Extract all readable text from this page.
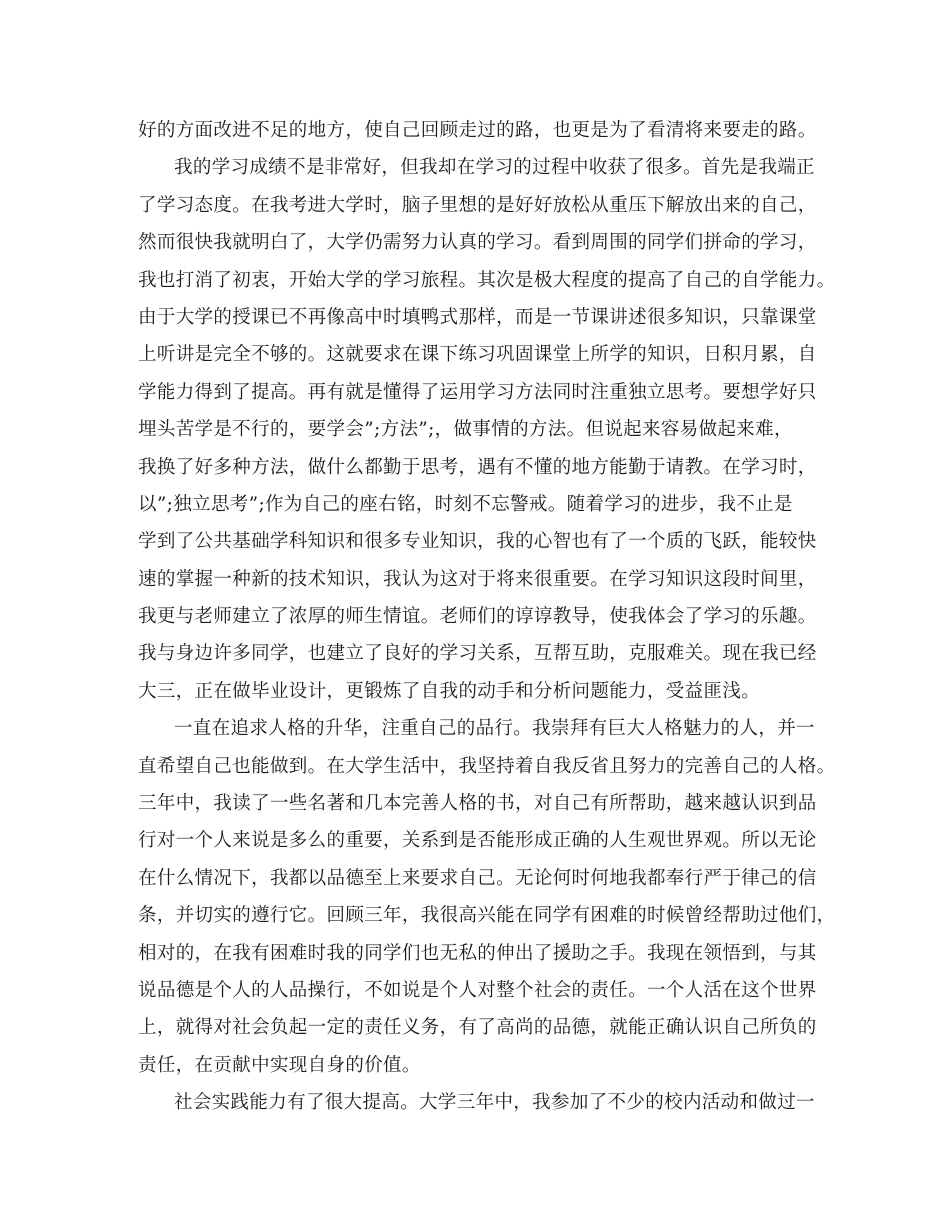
好的方面改进不足的地方，使自己回顾走过的路，也更是为了看清将来要走的路。
我的学习成绩不是非常好，但我却在学习的过程中收获了很多。首先是我端正
了学习态度。在我考进大学时，脑子里想的是好好放松从重压下解放出来的自己，
然而很快我就明白了，大学仍需努力认真的学习。看到周围的同学们拼命的学习，
我也打消了初衷，开始大学的学习旅程。其次是极大程度的提高了自己的自学能力。
由于大学的授课已不再像高中时填鸭式那样，而是一节课讲述很多知识，只靠课堂
上听讲是完全不够的。这就要求在课下练习巩固课堂上所学的知识，日积月累，自
学能力得到了提高。再有就是懂得了运用学习方法同时注重独立思考。要想学好只
埋头苦学是不行的，要学会”;方法”;，做事情的方法。但说起来容易做起来难，
我换了好多种方法，做什么都勤于思考，遇有不懂的地方能勤于请教。在学习时，
以”;独立思考”;作为自己的座右铭，时刻不忘警戒。随着学习的进步，我不止是
学到了公共基础学科知识和很多专业知识，我的心智也有了一个质的飞跃，能较快
速的掌握一种新的技术知识，我认为这对于将来很重要。在学习知识这段时间里，
我更与老师建立了浓厚的师生情谊。老师们的谆谆教导，使我体会了学习的乐趣。
我与身边许多同学，也建立了良好的学习关系，互帮互助，克服难关。现在我已经
大三，正在做毕业设计，更锻炼了自我的动手和分析问题能力，受益匪浅。
一直在追求人格的升华，注重自己的品行。我崇拜有巨大人格魅力的人，并一
直希望自己也能做到。在大学生活中，我坚持着自我反省且努力的完善自己的人格。
三年中，我读了一些名著和几本完善人格的书，对自己有所帮助，越来越认识到品
行对一个人来说是多么的重要，关系到是否能形成正确的人生观世界观。所以无论
在什么情况下，我都以品德至上来要求自己。无论何时何地我都奉行严于律己的信
条，并切实的遵行它。回顾三年，我很高兴能在同学有困难的时候曾经帮助过他们，
相对的，在我有困难时我的同学们也无私的伸出了援助之手。我现在领悟到，与其
说品德是个人的人品操行，不如说是个人对整个社会的责任。一个人活在这个世界
上，就得对社会负起一定的责任义务，有了高尚的品德，就能正确认识自己所负的
责任，在贡献中实现自身的价值。
社会实践能力有了很大提高。大学三年中，我参加了不少的校内活动和做过一
